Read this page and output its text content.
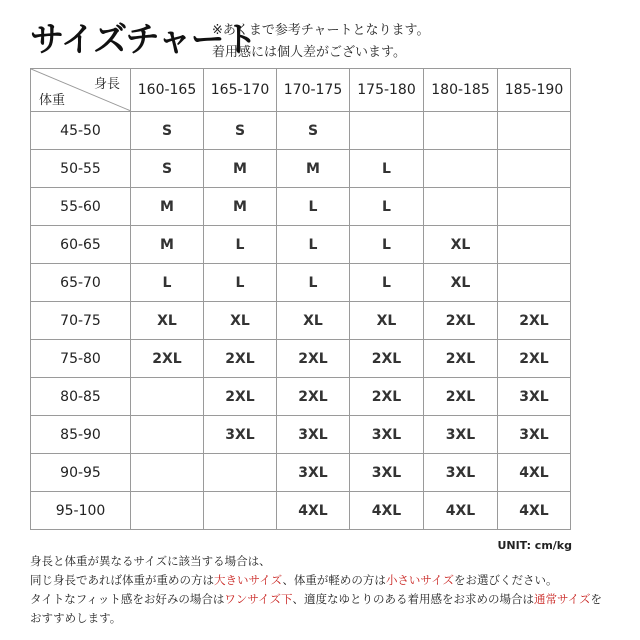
サイズチャート
※あくまで参考チャートとなります。
着用感には個人差がございます。
身長
体重	160-165	165-170	170-175	175-180	180-185	185-190
45-50	S	S	S			
50-55	S	M	M	L		
55-60	M	M	L	L		
60-65	M	L	L	L	XL	
65-70	L	L	L	L	XL	
70-75	XL	XL	XL	XL	2XL	2XL
75-80	2XL	2XL	2XL	2XL	2XL	2XL
80-85		2XL	2XL	2XL	2XL	3XL
85-90		3XL	3XL	3XL	3XL	3XL
90-95			3XL	3XL	3XL	4XL
95-100			4XL	4XL	4XL	4XL
UNIT: cm/kg
身長と体重が異なるサイズに該当する場合は、
同じ身長であれば体重が重めの方は大きいサイズ、体重が軽めの方は小さいサイズをお選びください。
タイトなフィット感をお好みの場合はワンサイズ下、適度なゆとりのある着用感をお求めの場合は通常サイズを
おすすめします。
